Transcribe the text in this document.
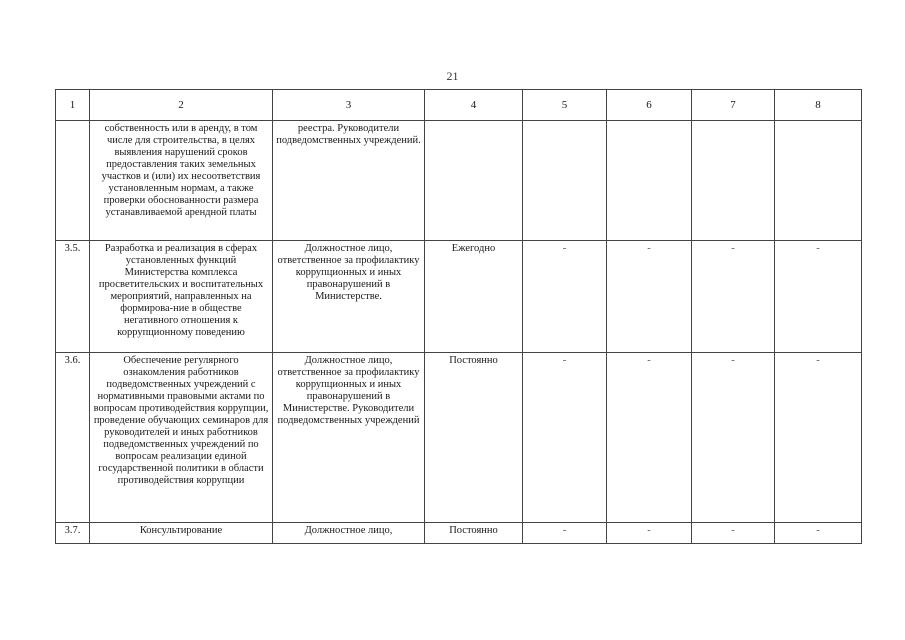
21
1	2	3	4	5	6	7	8
	собственность или в аренду, в том числе для строительства, в целях выявления нарушений сроков предоставления таких земельных участков и (или) их несоответствия установленным нормам, а также проверки обоснованности размера устанавливаемой арендной платы	реестра. Руководители подведомственных учреждений.					
3.5.	Разработка и реализация в сферах установленных функций Министерства комплекса просветительских и воспитательных мероприятий, направленных на формирова-ние в обществе негативного отношения к коррупционному поведению	Должностное лицо, ответственное за профилактику коррупционных и иных правонарушений в Министерстве.	Ежегодно	-	-	-	-
3.6.	Обеспечение регулярного ознакомления работников подведомственных учреждений с нормативными правовыми актами по вопросам противодействия коррупции, проведение обучающих семинаров для руководителей и иных работников подведомственных учреждений по вопросам реализации единой государственной политики в области противодействия коррупции	Должностное лицо, ответственное за профилактику коррупционных и иных правонарушений в Министерстве. Руководители подведомственных учреждений	Постоянно	-	-	-	-
3.7.	Консультирование	Должностное лицо,	Постоянно	-	-	-	-
